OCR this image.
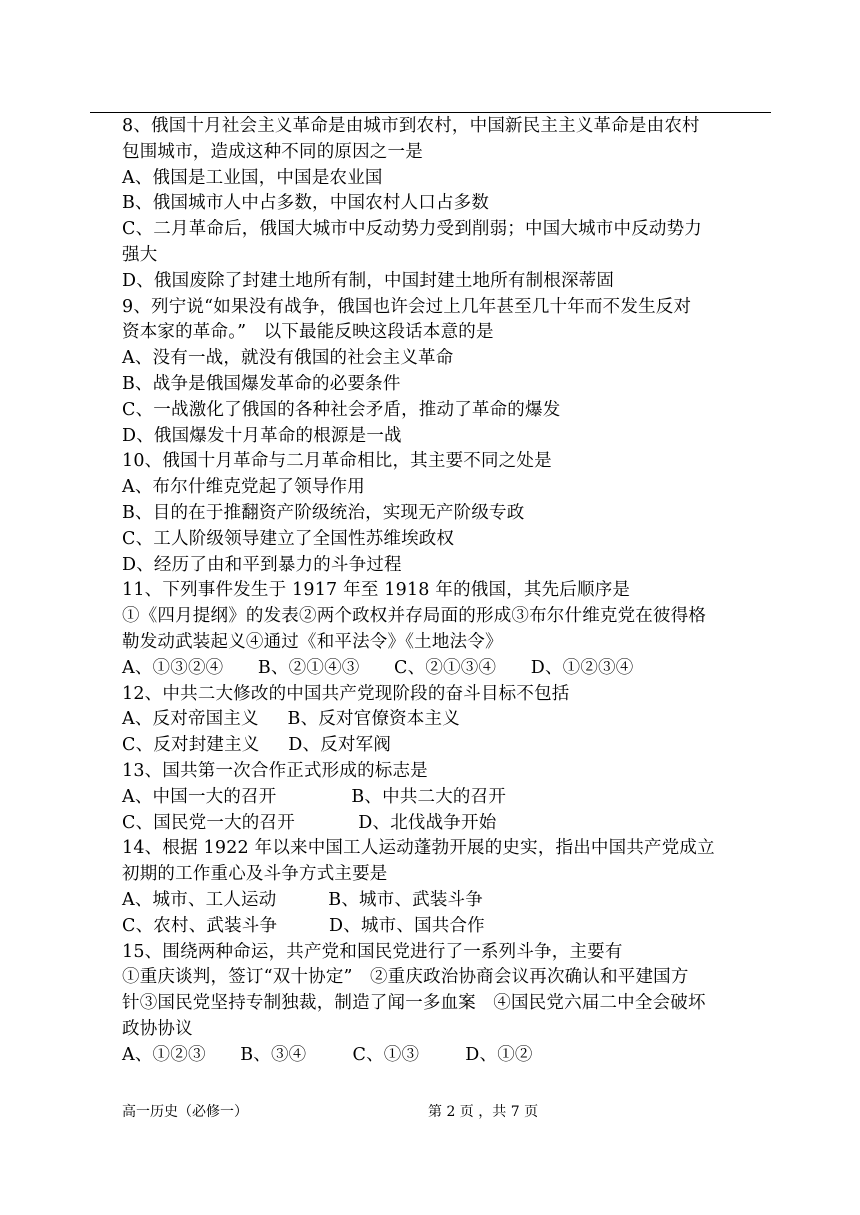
8、俄国十月社会主义革命是由城市到农村，中国新民主主义革命是由农村

包围城市，造成这种不同的原因之一是

A、俄国是工业国，中国是农业国

B、俄国城市人中占多数，中国农村人口占多数

C、二月革命后，俄国大城市中反动势力受到削弱；中国大城市中反动势力

强大

D、俄国废除了封建土地所有制，中国封建土地所有制根深蒂固

9、列宁说“如果没有战争，俄国也许会过上几年甚至几十年而不发生反对

资本家的革命。”   以下最能反映这段话本意的是

A、没有一战，就没有俄国的社会主义革命

B、战争是俄国爆发革命的必要条件

C、一战激化了俄国的各种社会矛盾，推动了革命的爆发

D、俄国爆发十月革命的根源是一战

10、俄国十月革命与二月革命相比，其主要不同之处是

A、布尔什维克党起了领导作用

B、目的在于推翻资产阶级统治，实现无产阶级专政

C、工人阶级领导建立了全国性苏维埃政权

D、经历了由和平到暴力的斗争过程

11、下列事件发生于 1917 年至 1918 年的俄国，其先后顺序是

①《四月提纲》的发表②两个政权并存局面的形成③布尔什维克党在彼得格

勒发动武装起义④通过《和平法令》《土地法令》

A、①③②④      B、②①④③      C、②①③④      D、①②③④

12、中共二大修改的中国共产党现阶段的奋斗目标不包括

A、反对帝国主义     B、反对官僚资本主义

C、反对封建主义     D、反对军阀

13、国共第一次合作正式形成的标志是

A、中国一大的召开             B、中共二大的召开

C、国民党一大的召开           D、北伐战争开始

14、根据 1922 年以来中国工人运动蓬勃开展的史实，指出中国共产党成立

初期的工作重心及斗争方式主要是

A、城市、工人运动         B、城市、武装斗争

C、农村、武装斗争         D、城市、国共合作

15、围绕两种命运，共产党和国民党进行了一系列斗争，主要有

①重庆谈判，签订“双十协定”   ②重庆政治协商会议再次确认和平建国方

针③国民党坚持专制独裁，制造了闻一多血案   ④国民党六届二中全会破坏

政协协议

A、①②③      B、③④        C、①③        D、①②

高一历史（必修一）	第 2 页 ，共 7 页
